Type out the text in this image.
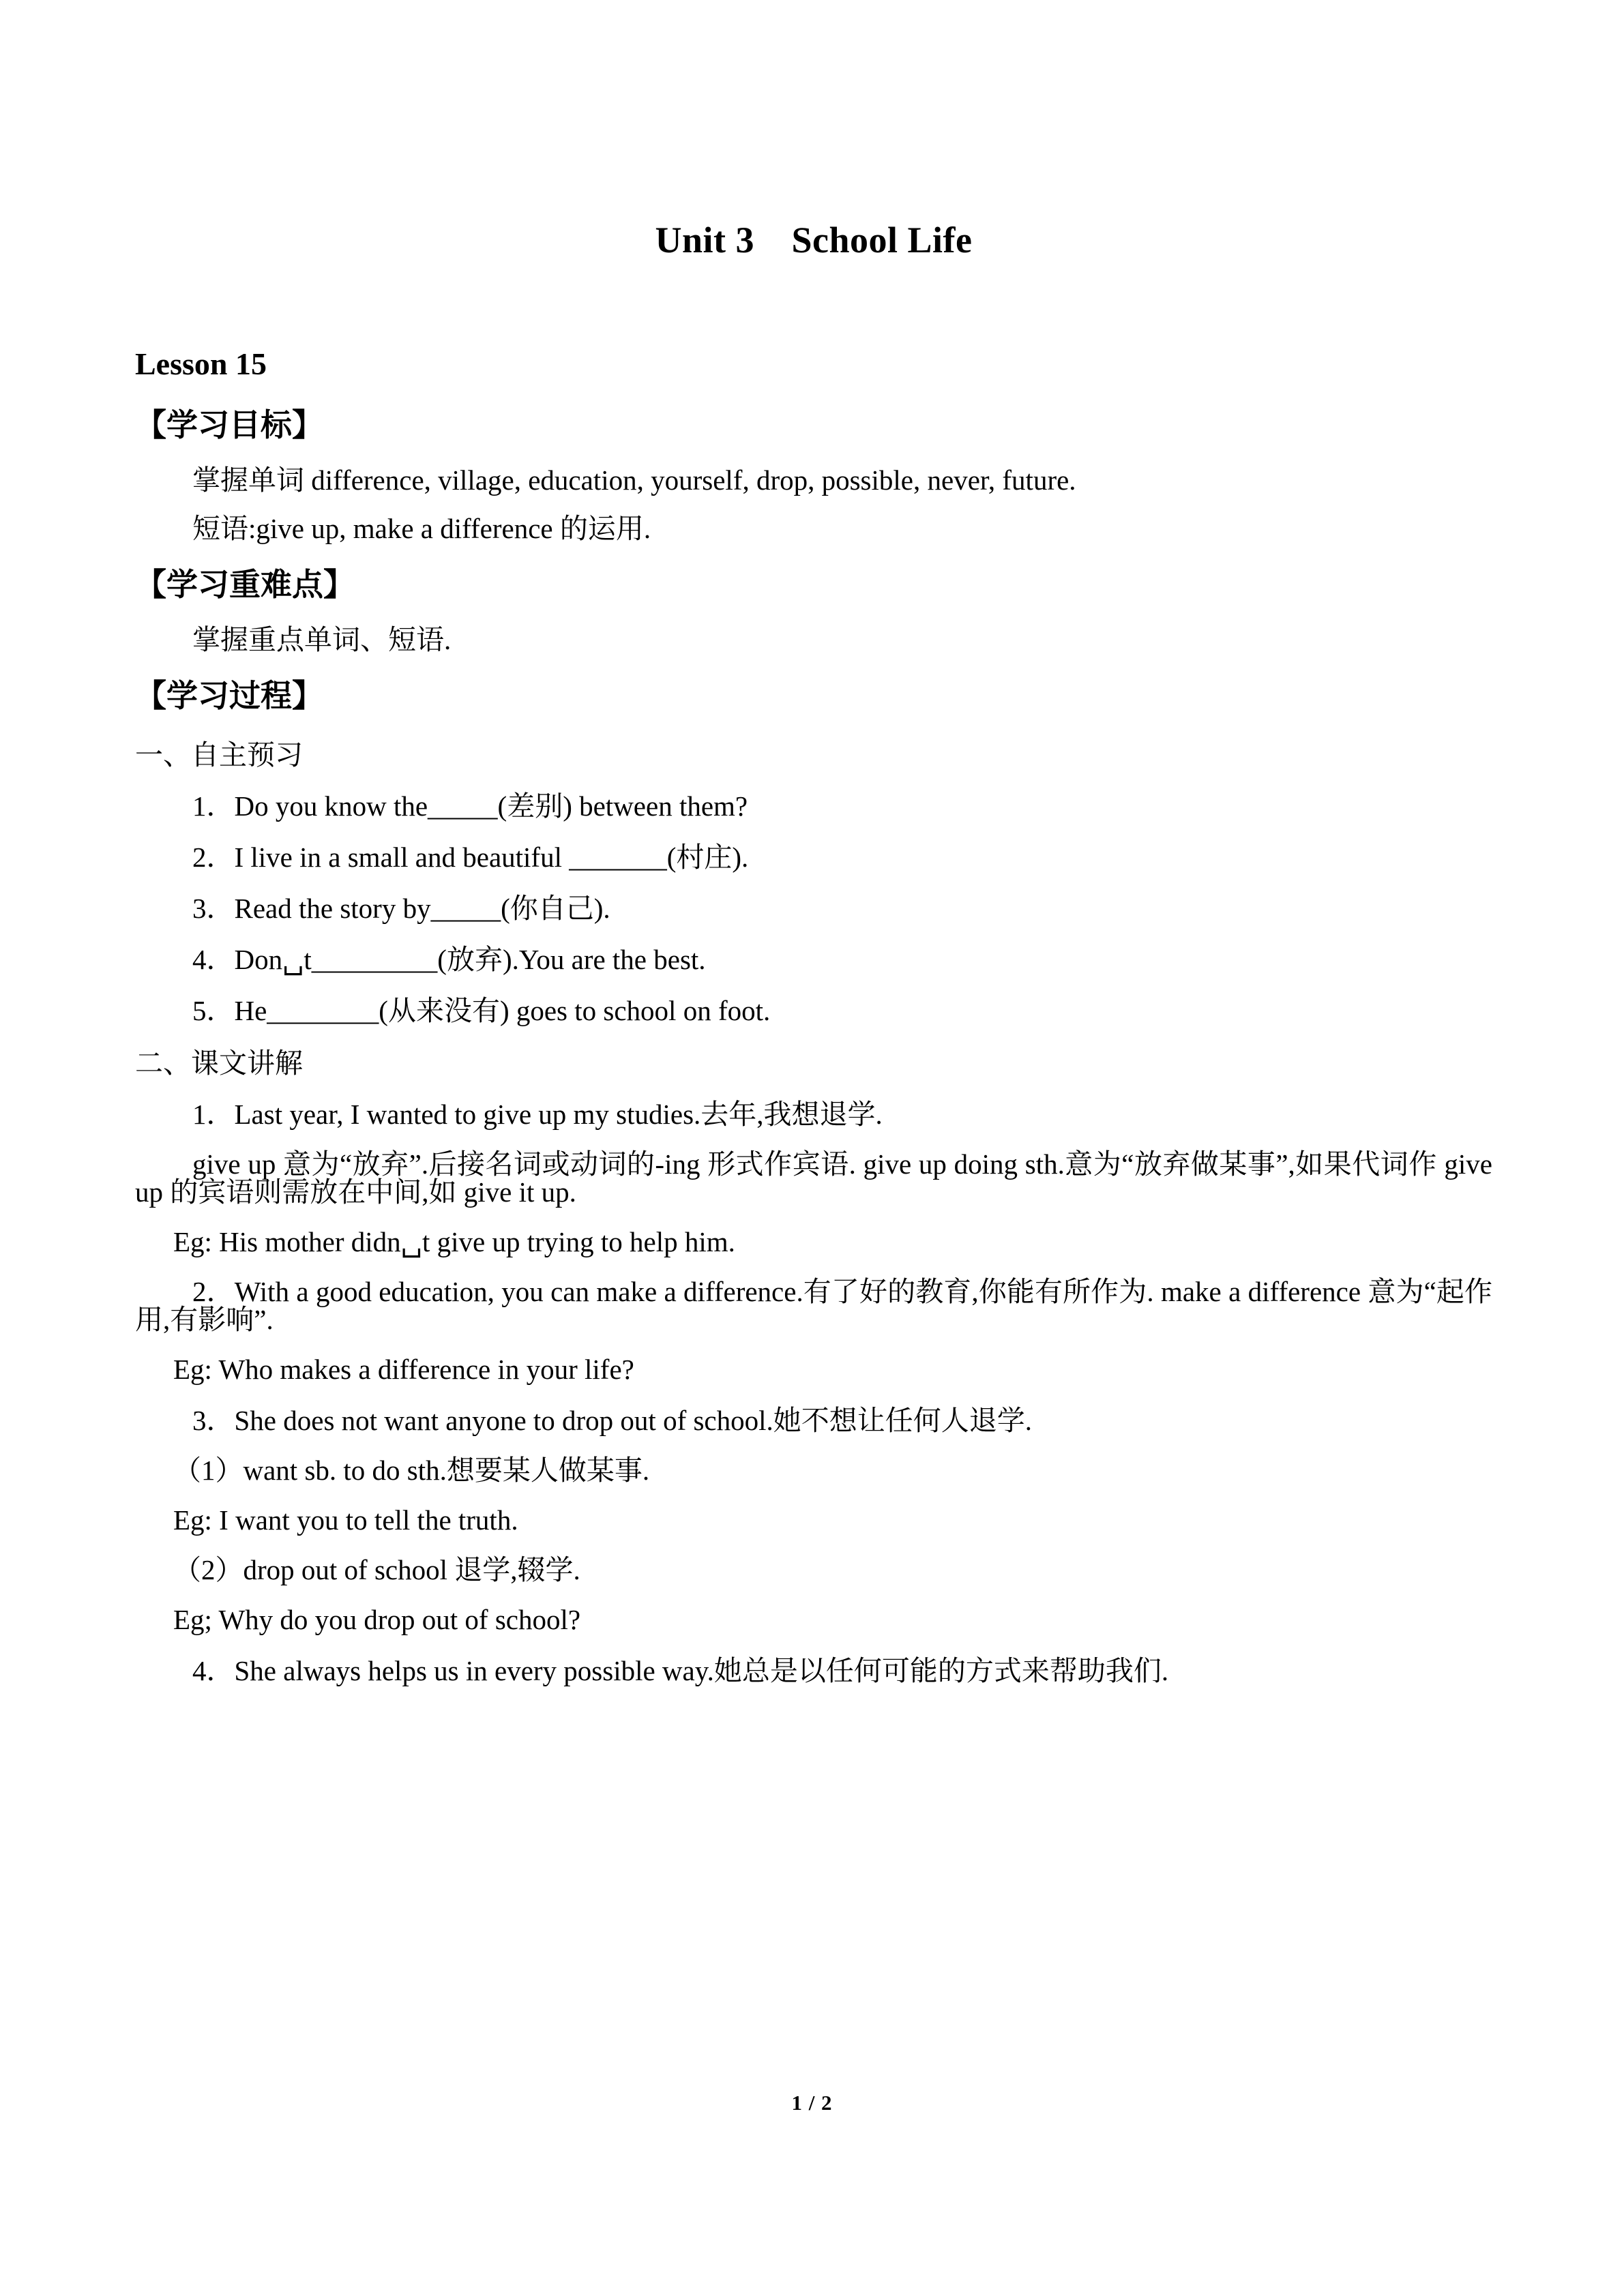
Unit 3　School Life
Lesson 15
【学习目标】

掌握单词 difference, village, education, yourself, drop, possible, never, future.

短语:give up, make a difference 的运用.

【学习重难点】

掌握重点单词、短语.

【学习过程】

一、自主预习

1．Do you know the_____(差别) between them?

2．I live in a small and beautiful _______(村庄).

3．Read the story by_____(你自己).

4．Don␣t_________(放弃).You are the best.

5．He________(从来没有) goes to school on foot.

二、课文讲解

1．Last year, I wanted to give up my studies.去年,我想退学.

give up 意为“放弃”.后接名词或动词的-ing 形式作宾语. give up doing sth.意为“放弃做某事”,如果代词作 give up 的宾语则需放在中间,如 give it up.

Eg: His mother didn␣t give up trying to help him.

2．With a good education, you can make a difference.有了好的教育,你能有所作为. make a difference 意为“起作用,有影响”.

Eg: Who makes a difference in your life?

3．She does not want anyone to drop out of school.她不想让任何人退学.

（1）want sb. to do sth.想要某人做某事.

Eg: I want you to tell the truth.

（2）drop out of school 退学,辍学.

Eg; Why do you drop out of school?

4．She always helps us in every possible way.她总是以任何可能的方式来帮助我们.

1 / 2
